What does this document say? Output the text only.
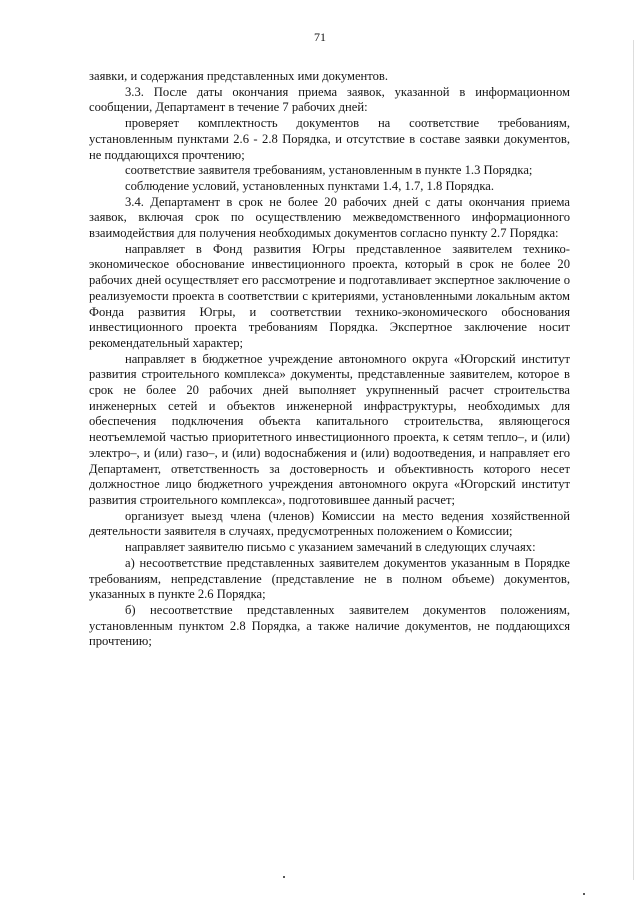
71

заявки, и содержания представленных ими документов.

3.3. После даты окончания приема заявок, указанной в информационном сообщении, Департамент в течение 7 рабочих дней:

проверяет комплектность документов на соответствие требованиям, установленным пунктами 2.6 - 2.8 Порядка, и отсутствие в составе заявки документов, не поддающихся прочтению;

соответствие заявителя требованиям, установленным в пункте 1.3 Порядка;

соблюдение условий, установленных пунктами 1.4, 1.7, 1.8 Порядка.

3.4. Департамент в срок не более 20 рабочих дней с даты окончания приема заявок, включая срок по осуществлению межведомственного информационного взаимодействия для получения необходимых документов согласно пункту 2.7 Порядка:

направляет в Фонд развития Югры представленное заявителем технико-экономическое обоснование инвестиционного проекта, который в срок не более 20 рабочих дней осуществляет его рассмотрение и подготавливает экспертное заключение о реализуемости проекта в соответствии с критериями, установленными локальным актом Фонда развития Югры, и соответствии технико-экономического обоснования инвестиционного проекта требованиям Порядка. Экспертное заключение носит рекомендательный характер;

направляет в бюджетное учреждение автономного округа «Югорский институт развития строительного комплекса» документы, представленные заявителем, которое в срок не более 20 рабочих дней выполняет укрупненный расчет строительства инженерных сетей и объектов инженерной инфраструктуры, необходимых для обеспечения подключения объекта капитального строительства, являющегося неотъемлемой частью приоритетного инвестиционного проекта, к сетям тепло–, и (или) электро–, и (или) газо–, и (или) водоснабжения и (или) водоотведения, и направляет его Департамент, ответственность за достоверность и объективность которого несет должностное лицо бюджетного учреждения автономного округа «Югорский институт развития строительного комплекса», подготовившее данный расчет;

организует выезд члена (членов) Комиссии на место ведения хозяйственной деятельности заявителя в случаях, предусмотренных положением о Комиссии;

направляет заявителю письмо с указанием замечаний в следующих случаях:

а) несоответствие представленных заявителем документов указанным в Порядке требованиям, непредставление (представление не в полном объеме) документов, указанных в пункте 2.6 Порядка;

б) несоответствие представленных заявителем документов положениям, установленным пунктом 2.8 Порядка, а также наличие документов, не поддающихся прочтению;
